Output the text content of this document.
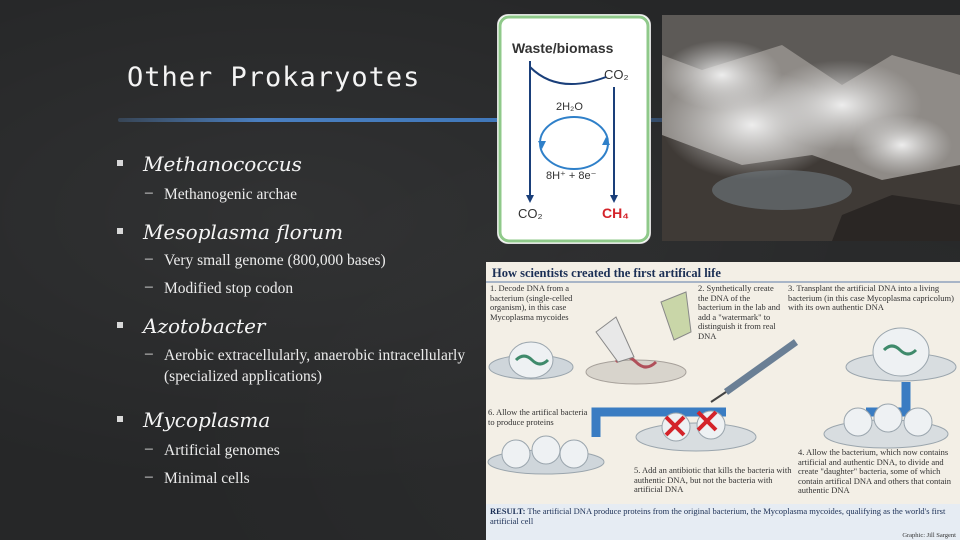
Other Prokaryotes
Methanococcus
– Methanogenic archae
Mesoplasma florum
– Very small genome (800,000 bases)
– Modified stop codon
Azotobacter
– Aerobic extracellularly, anaerobic intracellularly (specialized applications)
Mycoplasma
– Artificial genomes
– Minimal cells
Waste/biomass
CO₂
2H₂O
8H⁺ + 8e⁻
CO₂	CH₄
How scientists created the first artifical life
1. Decode DNA from a bacterium (single-celled organism), in this case Mycoplasma mycoides
2. Synthetically create the DNA of the bacterium in the lab and add a "watermark" to distinguish it from real DNA
3. Transplant the artificial DNA into a living bacterium (in this case Mycoplasma capricolum) with its own authentic DNA
6. Allow the artifical bacteria to produce proteins
5. Add an antibiotic that kills the bacteria with authentic DNA, but not the bacteria with artificial DNA
4. Allow the bacterium, which now contains artificial and authentic DNA, to divide and create "daughter" bacteria, some of which contain artifical DNA and others that contain authentic DNA
RESULT: The artificial DNA produce proteins from the original bacterium, the Mycoplasma mycoides, qualifying as the world's first artificial cell
Graphic: Jill Sargent
